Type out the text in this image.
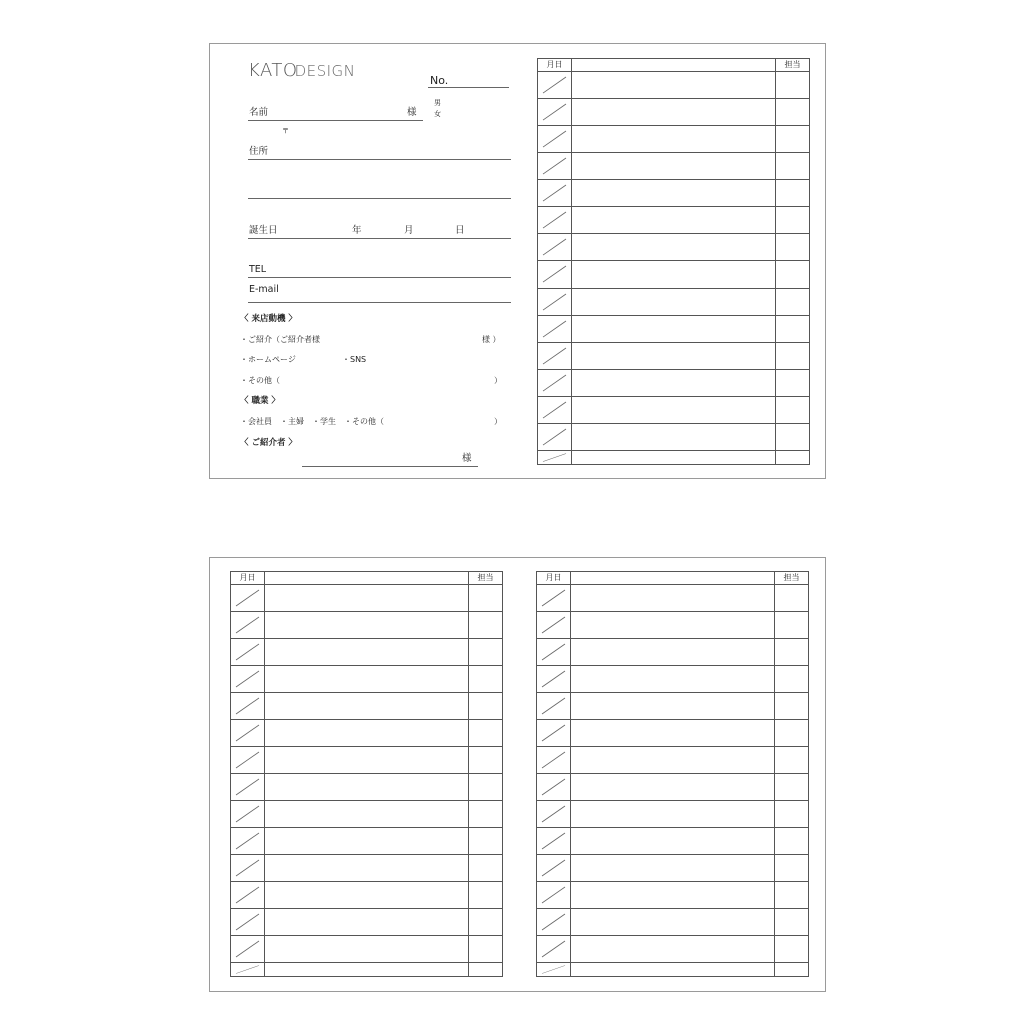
KATODESIGN
No.
名前	様
男
女
〒
住所
誕生日	年	月	日
TEL
E-mail
〈 来店動機 〉
・ご紹介（ご紹介者様	様 ）
・ホームページ	・SNS
・その他（	）
〈 職業 〉
・会社員　・主婦　・学生　・その他（	）
〈 ご紹介者 〉
様
月日		担当

月日		担当

			月日		担当
